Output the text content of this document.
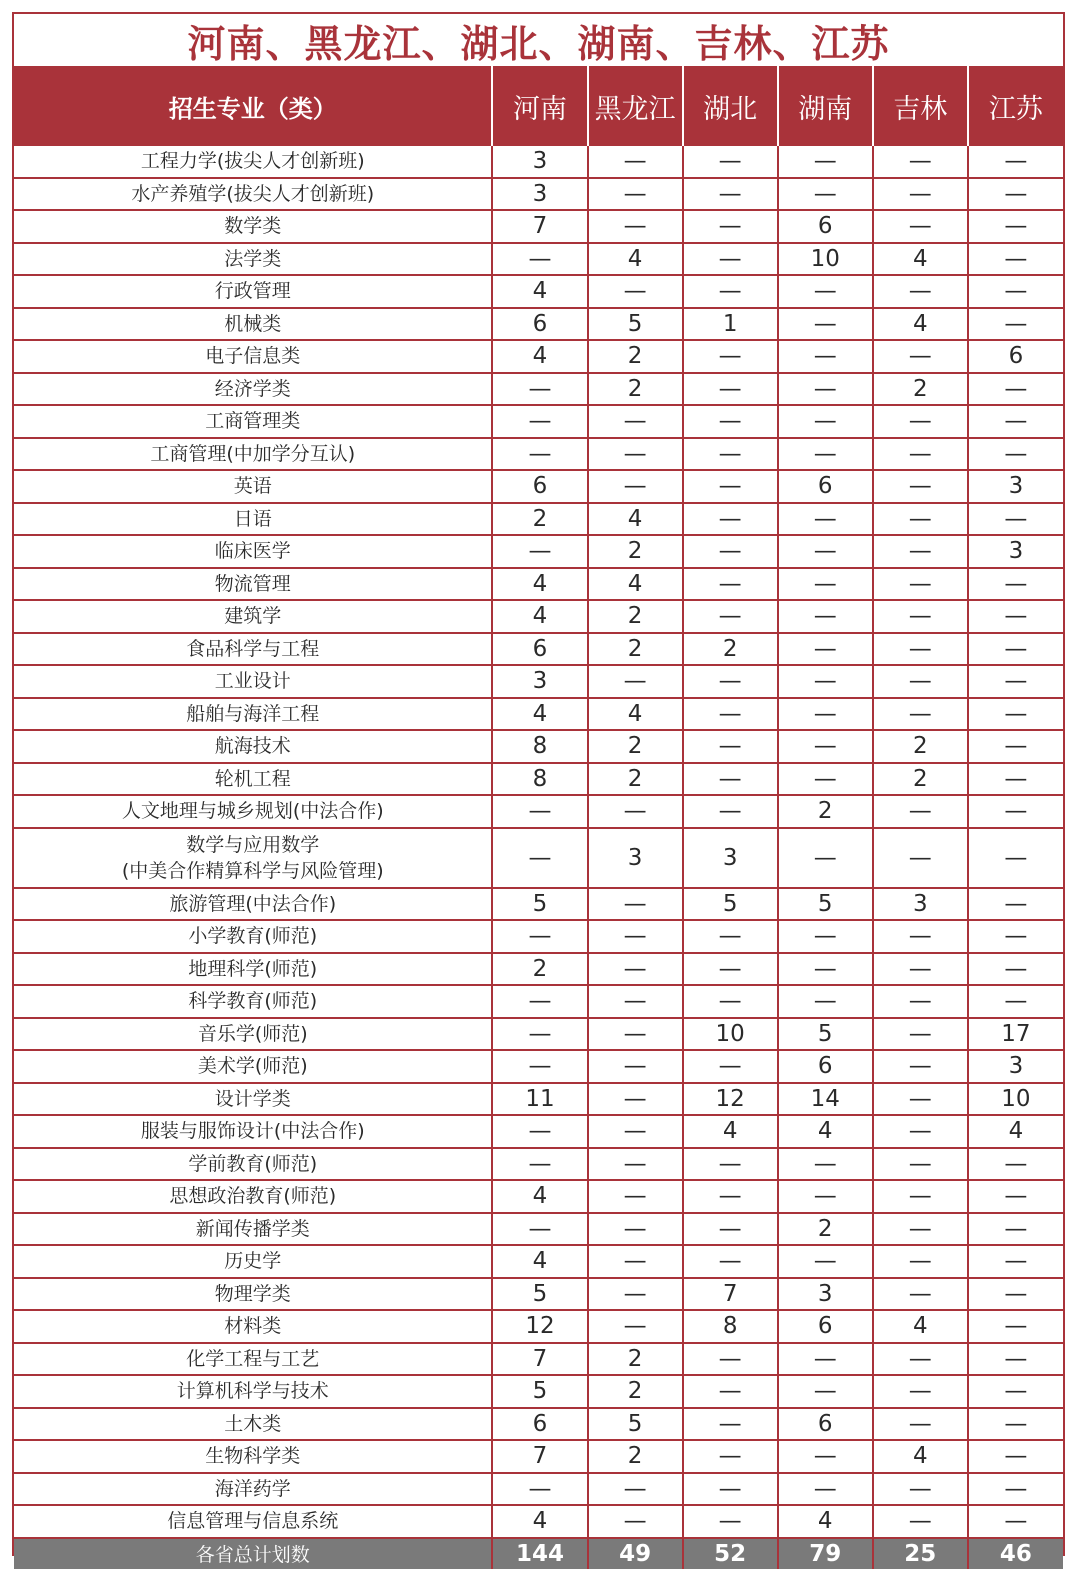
河南、黑龙江、湖北、湖南、吉林、江苏
招生专业（类）	河南	黑龙江	湖北	湖南	吉林	江苏

工程力学(拔尖人才创新班)	3	—	—	—	—	—

水产养殖学(拔尖人才创新班)	3	—	—	—	—	—

数学类	7	—	—	6	—	—

法学类	—	4	—	10	4	—

行政管理	4	—	—	—	—	—

机械类	6	5	1	—	4	—

电子信息类	4	2	—	—	—	6

经济学类	—	2	—	—	2	—

工商管理类	—	—	—	—	—	—

工商管理(中加学分互认)	—	—	—	—	—	—

英语	6	—	—	6	—	3

日语	2	4	—	—	—	—

临床医学	—	2	—	—	—	3

物流管理	4	4	—	—	—	—

建筑学	4	2	—	—	—	—

食品科学与工程	6	2	2	—	—	—

工业设计	3	—	—	—	—	—

船舶与海洋工程	4	4	—	—	—	—

航海技术	8	2	—	—	2	—

轮机工程	8	2	—	—	2	—

人文地理与城乡规划(中法合作)	—	—	—	2	—	—

数学与应用数学
(中美合作精算科学与风险管理)	—	3	3	—	—	—

旅游管理(中法合作)	5	—	5	5	3	—

小学教育(师范)	—	—	—	—	—	—

地理科学(师范)	2	—	—	—	—	—

科学教育(师范)	—	—	—	—	—	—

音乐学(师范)	—	—	10	5	—	17

美术学(师范)	—	—	—	6	—	3

设计学类	11	—	12	14	—	10

服装与服饰设计(中法合作)	—	—	4	4	—	4

学前教育(师范)	—	—	—	—	—	—

思想政治教育(师范)	4	—	—	—	—	—

新闻传播学类	—	—	—	2	—	—

历史学	4	—	—	—	—	—

物理学类	5	—	7	3	—	—

材料类	12	—	8	6	4	—

化学工程与工艺	7	2	—	—	—	—

计算机科学与技术	5	2	—	—	—	—

土木类	6	5	—	6	—	—

生物科学类	7	2	—	—	4	—

海洋药学	—	—	—	—	—	—

信息管理与信息系统	4	—	—	4	—	—
各省总计划数	144	49	52	79	25	46
